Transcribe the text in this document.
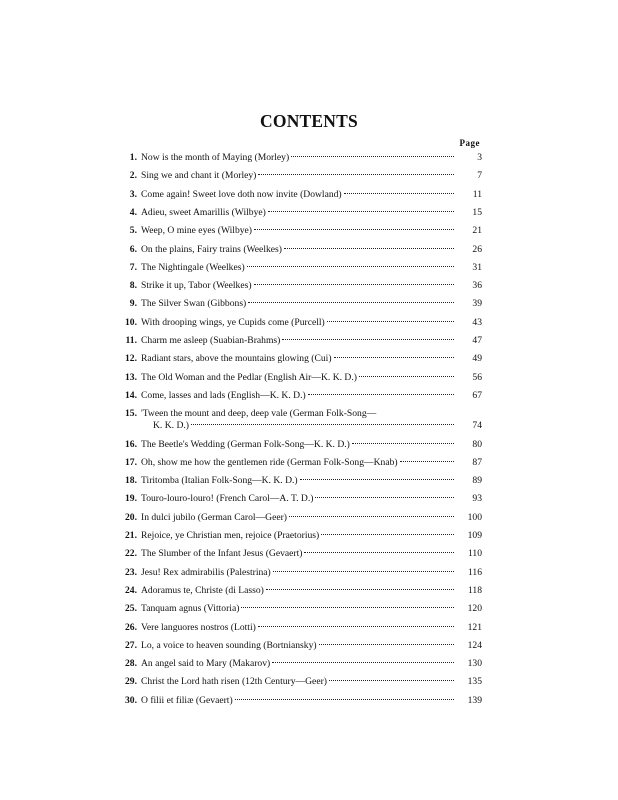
CONTENTS
Page
1. Now is the month of Maying (Morley)	3
2. Sing we and chant it (Morley)	7
3. Come again! Sweet love doth now invite (Dowland)	11
4. Adieu, sweet Amarillis (Wilbye)	15
5. Weep, O mine eyes (Wilbye)	21
6. On the plains, Fairy trains (Weelkes)	26
7. The Nightingale (Weelkes)	31
8. Strike it up, Tabor (Weelkes)	36
9. The Silver Swan (Gibbons)	39
10. With drooping wings, ye Cupids come (Purcell)	43
11. Charm me asleep (Suabian-Brahms)	47
12. Radiant stars, above the mountains glowing (Cui)	49
13. The Old Woman and the Pedlar (English Air—K. K. D.)	56
14. Come, lasses and lads (English—K. K. D.)	67
15. 'Tween the mount and deep, deep vale (German Folk-Song—
K. K. D.)	74
16. The Beetle's Wedding (German Folk-Song—K. K. D.)	80
17. Oh, show me how the gentlemen ride (German Folk-Song—Knab)	87
18. Tiritomba (Italian Folk-Song—K. K. D.)	89
19. Touro-louro-louro! (French Carol—A. T. D.)	93
20. In dulci jubilo (German Carol—Geer)	100
21. Rejoice, ye Christian men, rejoice (Praetorius)	109
22. The Slumber of the Infant Jesus (Gevaert)	110
23. Jesu! Rex admirabilis (Palestrina)	116
24. Adoramus te, Christe (di Lasso)	118
25. Tanquam agnus (Vittoria)	120
26. Vere languores nostros (Lotti)	121
27. Lo, a voice to heaven sounding (Bortniansky)	124
28. An angel said to Mary (Makarov)	130
29. Christ the Lord hath risen (12th Century—Geer)	135
30. O filii et filiæ (Gevaert)	139
